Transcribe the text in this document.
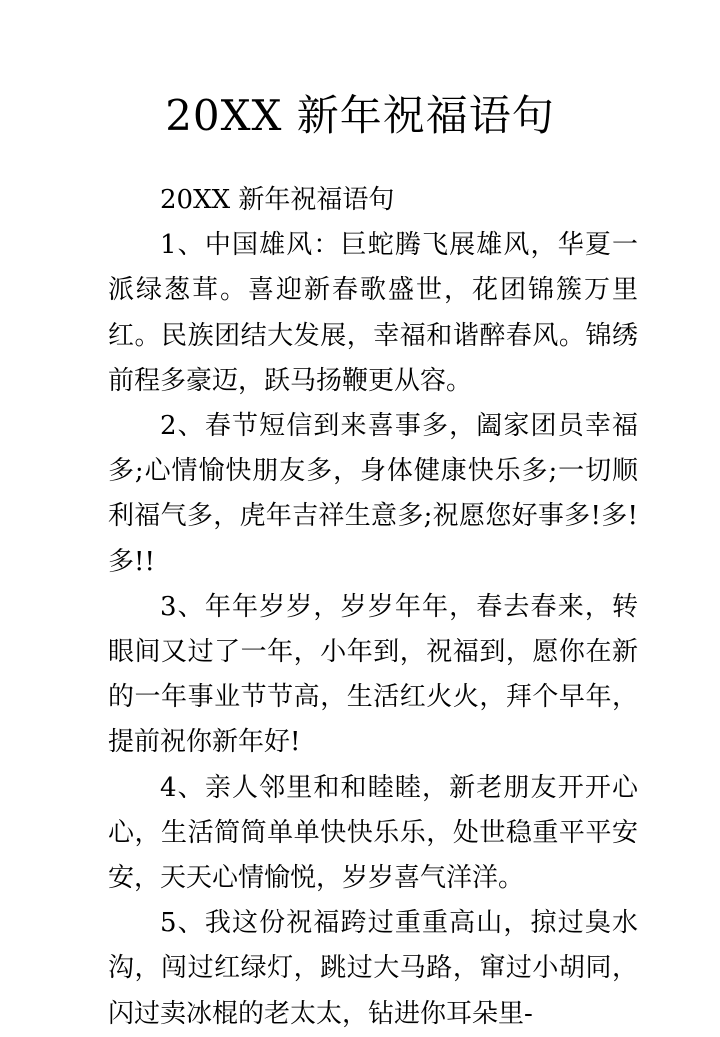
20XX 新年祝福语句

20XX 新年祝福语句

1、中国雄风：巨蛇腾飞展雄风，华夏一派绿葱茸。喜迎新春歌盛世，花团锦簇万里红。民族团结大发展，幸福和谐醉春风。锦绣前程多豪迈，跃马扬鞭更从容。

2、春节短信到来喜事多，阖家团员幸福多;心情愉快朋友多，身体健康快乐多;一切顺利福气多，虎年吉祥生意多;祝愿您好事多!多!多!!

3、年年岁岁，岁岁年年，春去春来，转眼间又过了一年，小年到，祝福到，愿你在新的一年事业节节高，生活红火火，拜个早年，提前祝你新年好!

4、亲人邻里和和睦睦，新老朋友开开心心，生活简简单单快快乐乐，处世稳重平平安安，天天心情愉悦，岁岁喜气洋洋。

5、我这份祝福跨过重重高山，掠过臭水沟，闯过红绿灯，跳过大马路，窜过小胡同，闪过卖冰棍的老太太，钻进你耳朵里-
